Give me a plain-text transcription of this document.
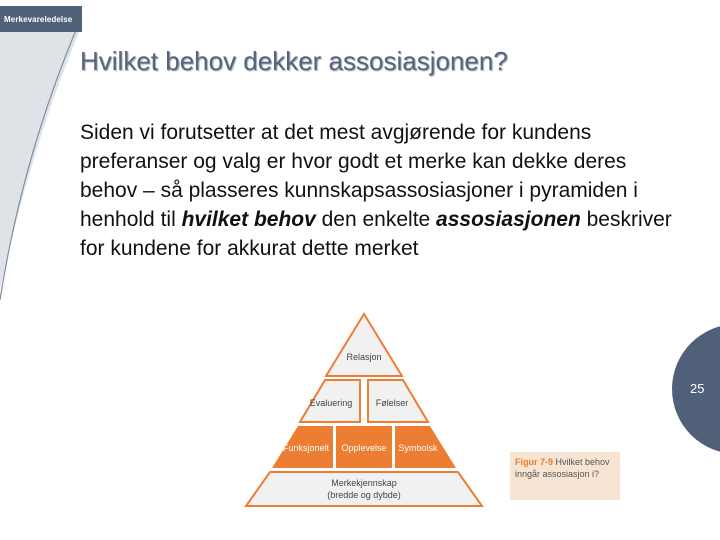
Merkevareledelse
Hvilket behov dekker assosiasjonen?

Siden vi forutsetter at det mest avgjørende for kundens preferanser og valg er hvor godt et merke kan dekke deres behov – så plasseres kunnskapsassosiasjoner i pyramiden i henhold til hvilket behov den enkelte assosiasjonen beskriver for kundene for akkurat dette merket

25
Relasjon
Evaluering	Følelser
Funksjonelt Opplevelse Symbolsk
Merkekjennskap
(bredde og dybde)
Figur 7-9 Hvilket behov inngår assosiasjon i?
